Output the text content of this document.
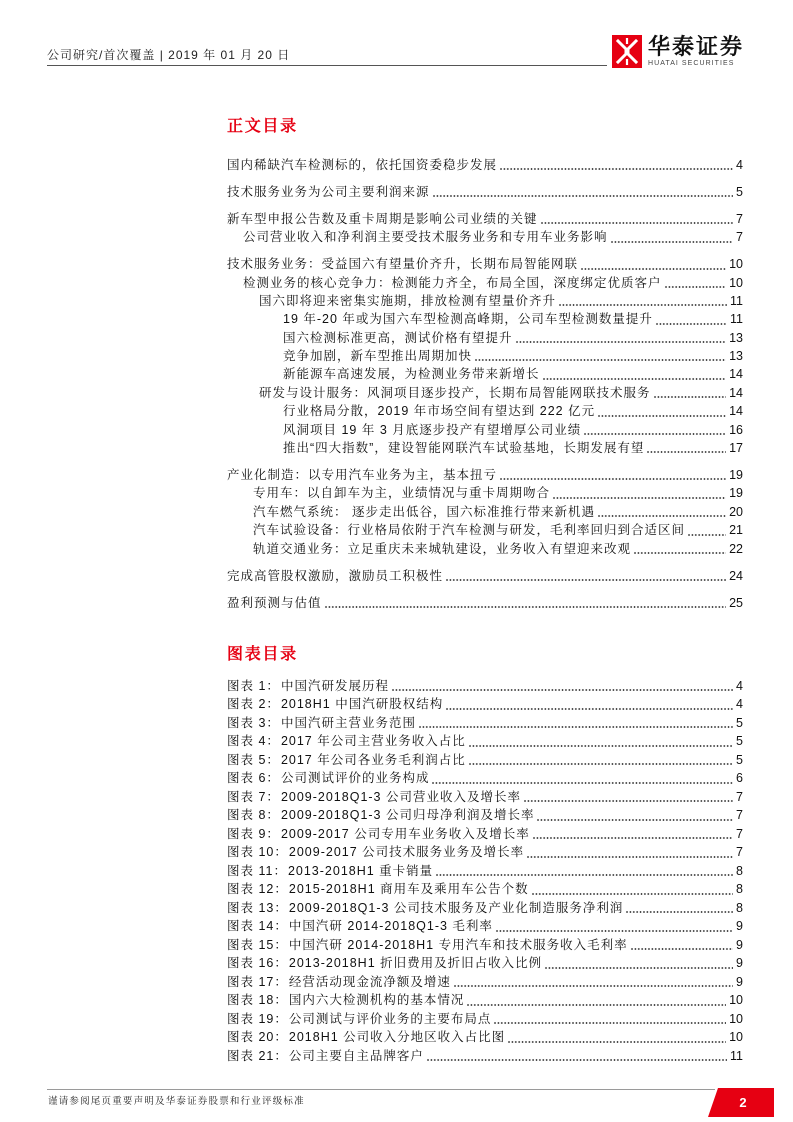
公司研究/首次覆盖 | 2019 年 01 月 20 日	华泰证券
HUATAI SECURITIES
正文目录
国内稀缺汽车检测标的，依托国资委稳步发展	4
技术服务业务为公司主要利润来源	5
新车型申报公告数及重卡周期是影响公司业绩的关键	7
公司营业收入和净利润主要受技术服务业务和专用车业务影响	7
技术服务业务：受益国六有望量价齐升，长期布局智能网联	10
检测业务的核心竞争力：检测能力齐全，布局全国，深度绑定优质客户	10
国六即将迎来密集实施期，排放检测有望量价齐升	11
19 年-20 年或为国六车型检测高峰期，公司车型检测数量提升	11
国六检测标准更高，测试价格有望提升	13
竞争加剧，新车型推出周期加快	13
新能源车高速发展，为检测业务带来新增长	14
研发与设计服务：风洞项目逐步投产，长期布局智能网联技术服务	14
行业格局分散，2019 年市场空间有望达到 222 亿元	14
风洞项目 19 年 3 月底逐步投产有望增厚公司业绩	16
推出“四大指数”，建设智能网联汽车试验基地，长期发展有望	17
产业化制造：以专用汽车业务为主，基本扭亏	19
专用车：以自卸车为主，业绩情况与重卡周期吻合	19
汽车燃气系统： 逐步走出低谷，国六标准推行带来新机遇	20
汽车试验设备：行业格局依附于汽车检测与研发，毛利率回归到合适区间	21
轨道交通业务：立足重庆未来城轨建设，业务收入有望迎来改观	22
完成高管股权激励，激励员工积极性	24
盈利预测与估值	25
图表目录
图表 1： 中国汽研发展历程	4
图表 2： 2018H1 中国汽研股权结构	4
图表 3： 中国汽研主营业务范围	5
图表 4： 2017 年公司主营业务收入占比	5
图表 5： 2017 年公司各业务毛利润占比	5
图表 6： 公司测试评价的业务构成	6
图表 7： 2009-2018Q1-3 公司营业收入及增长率	7
图表 8： 2009-2018Q1-3 公司归母净利润及增长率	7
图表 9： 2009-2017 公司专用车业务收入及增长率	7
图表 10： 2009-2017 公司技术服务业务及增长率	7
图表 11： 2013-2018H1 重卡销量	8
图表 12： 2015-2018H1 商用车及乘用车公告个数	8
图表 13： 2009-2018Q1-3 公司技术服务及产业化制造服务净利润	8
图表 14： 中国汽研 2014-2018Q1-3 毛利率	9
图表 15： 中国汽研 2014-2018H1 专用汽车和技术服务收入毛利率	9
图表 16： 2013-2018H1 折旧费用及折旧占收入比例	9
图表 17： 经营活动现金流净额及增速	9
图表 18： 国内六大检测机构的基本情况	10
图表 19： 公司测试与评价业务的主要布局点	10
图表 20： 2018H1 公司收入分地区收入占比图	10
图表 21： 公司主要自主品牌客户	11
谨请参阅尾页重要声明及华泰证券股票和行业评级标准	2
